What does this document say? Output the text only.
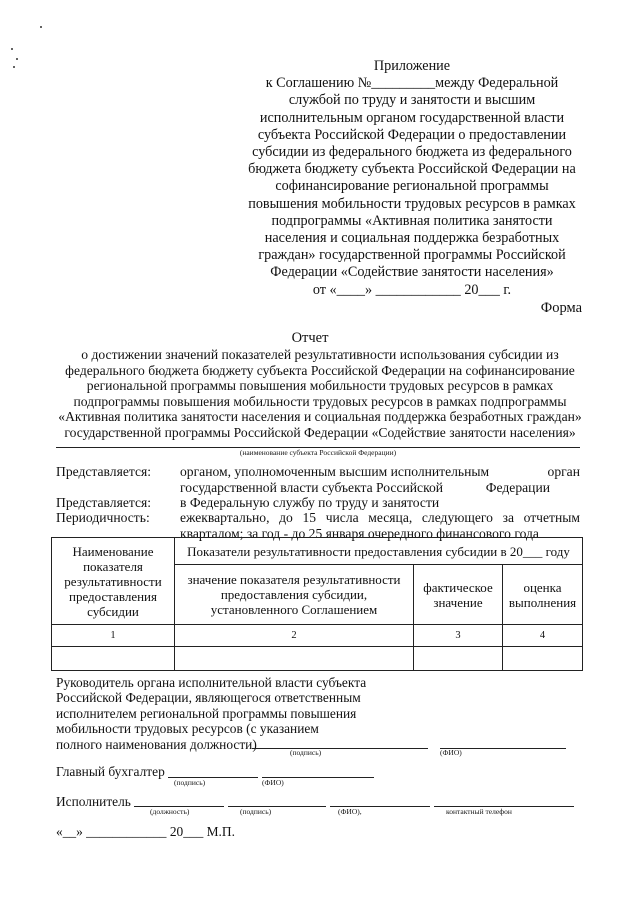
Приложение
к Соглашению №_________между Федеральной
службой по труду и занятости и высшим
исполнительным органом государственной власти
субъекта Российской Федерации о предоставлении
субсидии из федерального бюджета из федерального
бюджета бюджету субъекта Российской Федерации на
софинансирование региональной программы
повышения мобильности трудовых ресурсов в рамках
подпрограммы «Активная политика занятости
населения и социальная поддержка безработных
граждан» государственной программы Российской
Федерации «Содействие занятости населения»
от «____» ____________ 20___ г.
Форма
Отчет
о достижении значений показателей результативности использования субсидии из
федерального бюджета бюджету субъекта Российской Федерации на софинансирование
региональной программы повышения мобильности трудовых ресурсов в рамках
подпрограммы повышения мобильности трудовых ресурсов в рамках подпрограммы
«Активная политика занятости населения и социальная поддержка безработных граждан»
государственной программы Российской Федерации «Содействие занятости населения»
(наименование субъекта Российской Федерации)
Представляется: органом, уполномоченным высшим исполнительным	орган
государственной власти субъекта Российской	Федерации
Представляется: в Федеральную службу по труду и занятости
Периодичность: ежеквартально, до 15 числа месяца, следующего за отчетным
кварталом; за год - до 25 января очередного финансового года
Наименование показателя результативности предоставления субсидии	Показатели результативности предоставления субсидии в 20___ году		
	значение показателя результативности предоставления субсидии, установленного Соглашением	фактическое значение	оценка выполнения
1	2	3	4

Руководитель органа исполнительной власти субъекта
Российской Федерации, являющегося ответственным
исполнителем региональной программы повышения
мобильности трудовых ресурсов (с указанием
полного наименования должности)
(подпись)	(ФИО)
Главный бухгалтер
(подпись)	(ФИО)
Исполнитель
(должность)	(подпись)	(ФИО),	контактный телефон
«__» ____________ 20___ М.П.
